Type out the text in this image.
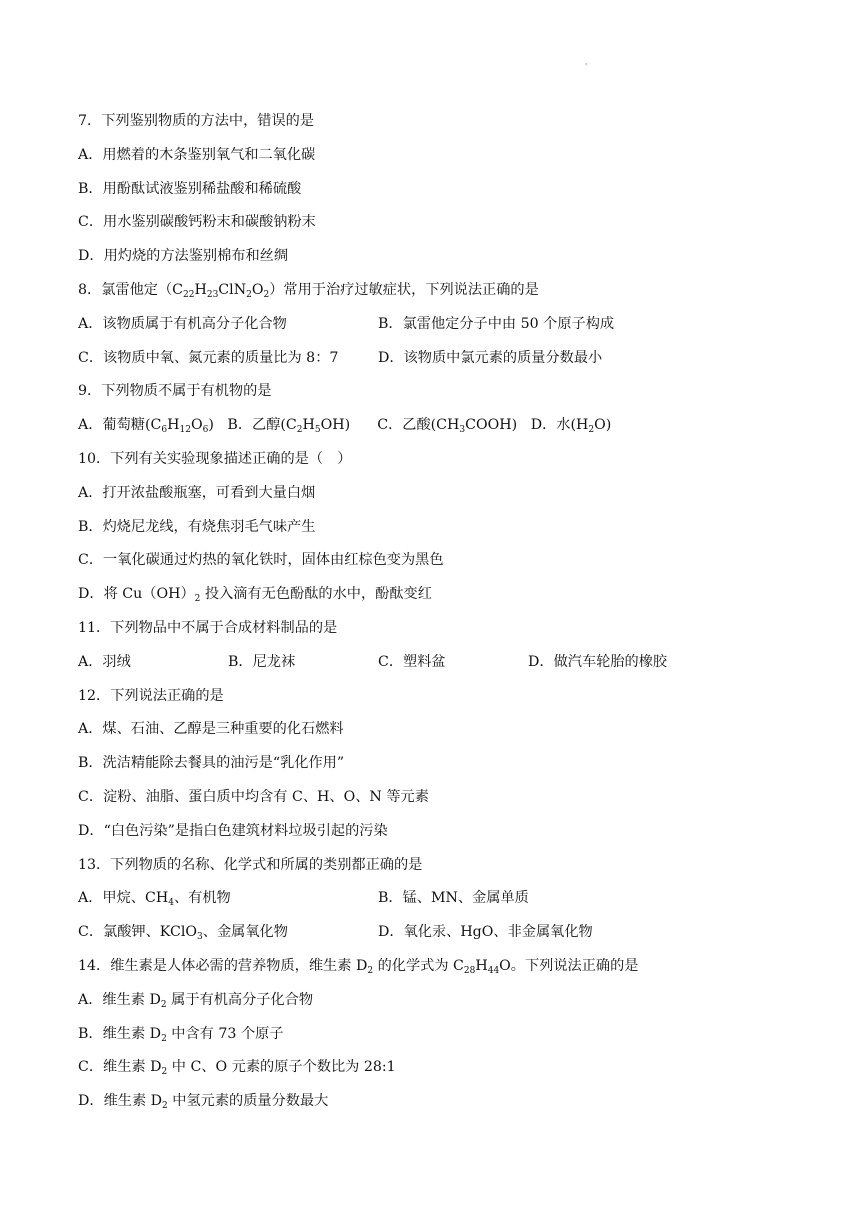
'
7．下列鉴别物质的方法中，错误的是
A．用燃着的木条鉴别氧气和二氧化碳
B．用酚酞试液鉴别稀盐酸和稀硫酸
C．用水鉴别碳酸钙粉末和碳酸钠粉末
D．用灼烧的方法鉴别棉布和丝绸
8．氯雷他定$(C_{22}H_{23}ClN_2O_2)$常用于治疗过敏症状，下列说法正确的是
A．该物质属于有机高分子化合物	B．氯雷他定分子中由 50 个原子构成
C．该物质中氧、氮元素的质量比为 8：7	D．该物质中氯元素的质量分数最小
9．下列物质不属于有机物的是
A．葡萄糖$(C_6H_{12}O_6)$   B．乙醇$(C_2H_5OH)$      C．乙酸$(CH_3COOH)$   D．水$(H_2O)$
10．下列有关实验现象描述正确的是（　）
A．打开浓盐酸瓶塞，可看到大量白烟
B．灼烧尼龙线，有烧焦羽毛气味产生
C．一氧化碳通过灼热的氧化铁时，固体由红棕色变为黑色
D．将 $Cu(OH)_2$ 投入滴有无色酚酞的水中，酚酞变红
11．下列物品中不属于合成材料制品的是
A．羽绒	B．尼龙袜	C．塑料盆	D．做汽车轮胎的橡胶
12．下列说法正确的是
A．煤、石油、乙醇是三种重要的化石燃料
B．洗洁精能除去餐具的油污是“乳化作用”
C．淀粉、油脂、蛋白质中均含有 C、H、O、N 等元素
D．“白色污染”是指白色建筑材料垃圾引起的污染
13．下列物质的名称、化学式和所属的类别都正确的是
A．甲烷、$CH_4$、有机物	B．锰、MN、金属单质
C．氯酸钾、KClO$_3$、金属氧化物	D．氧化汞、HgO、非金属氧化物
14．维生素是人体必需的营养物质，维生素 $D_2$ 的化学式为 $C_{28}H_{44}O$。下列说法正确的是
A．维生素 $D_2$ 属于有机高分子化合物
B．维生素 $D_2$ 中含有 73 个原子
C．维生素 $D_2$ 中 C、O 元素的原子个数比为 28:1
D．维生素 $D_2$ 中氢元素的质量分数最大
